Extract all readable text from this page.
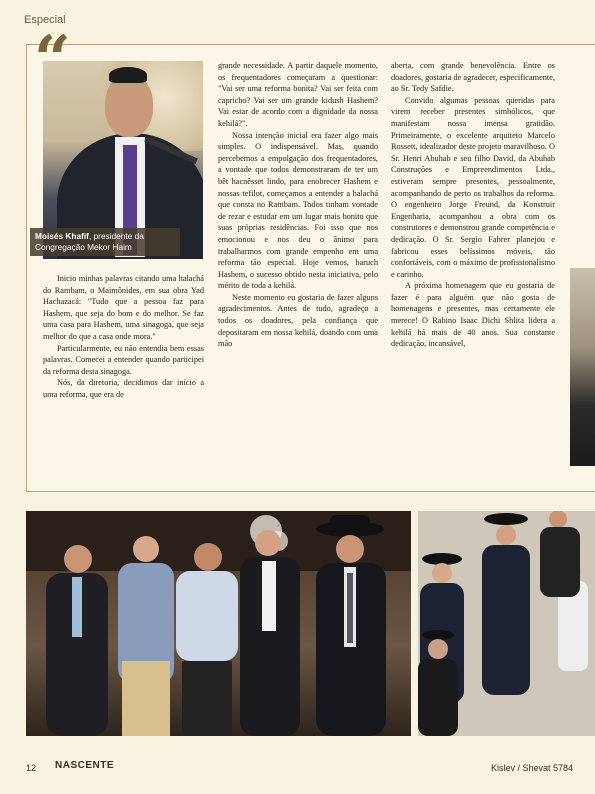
Especial
“
Moisés Khafif, presidente da Congregação Mekor Haim

Inicio minhas palavras citando uma halachá do Rambam, o Maimônides, em sua obra Yad Hachazacá: "Tudo que a pessoa faz para Hashem, que seja do bom e do melhor. Se faz uma casa para Hashem, uma sinagoga, que seja melhor do que a casa onde mora."

Particularmente, eu não entendia bem essas palavras. Comecei a entender quando participei da reforma desta sinagoga.

Nós, da diretoria, decidimos dar início a uma reforma, que era de

grande necessidade. A partir daquele momento, os frequentadores começaram a questionar: "Vai ser uma reforma bonita? Vai ser feita com capricho? Vai ser um grande kidush Hashem? Vai estar de acordo com a dignidade da nossa kehilá?".

Nossa intenção inicial era fazer algo mais simples. O indispensável. Mas, quando percebemos a empolgação dos frequentadores, a vontade que todos demonstraram de ter um bêt hacnêsset lindo, para enobrecer Hashem e nossas tefilot, começamos a entender a halachá que consta no Rambam. Todos tinham vontade de rezar e estudar em um lugar mais bonito que suas próprias residências. Foi isso que nos emocionou e nos deu o ânimo para trabalharmos com grande empenho em uma reforma tão especial. Hoje vemos, baruch Hashem, o sucesso obtido nesta iniciativa, pelo mérito de toda a kehilá.

Neste momento eu gostaria de fazer alguns agradecimentos. Antes de tudo, agradeço a todos os doadores, pela confiança que depositaram em nossa kehilá, doando com uma mão

aberta, com grande benevolência. Entre os doadores, gostaria de agradecer, especificamente, ao Sr. Tedy Safdie.

Convido algumas pessoas queridas para virem receber presentes simbólicos, que manifestam nossa imensa gratidão. Primeiramente, o excelente arquiteto Marcelo Rossett, idealizador deste projeto maravilhoso. O Sr. Henri Abuhab e seu filho David, da Abuhab Construções e Empreendimentos Ltda., estiveram sempre presentes, pessoalmente, acompanhando de perto os trabalhos da reforma. O engenheiro Jorge Freund, da Konstruir Engenharia, acompanhou a obra com os construtores e demonstrou grande competência e dedicação. O Sr. Sergio Fahrer planejou e fabricou esses belíssimos móveis, tão confortáveis, com o máximo de profissionalismo e carinho.

A próxima homenagem que eu gostaria de fazer é para alguém que não gosta de homenagens e presentes, mas certamente ele merece! O Rabino Isaac Dichi Shlita lidera a kehilá há mais de 40 anos. Sua constante dedicação, incansável,

12 NASCENTE	Kislev / Shevat 5784
